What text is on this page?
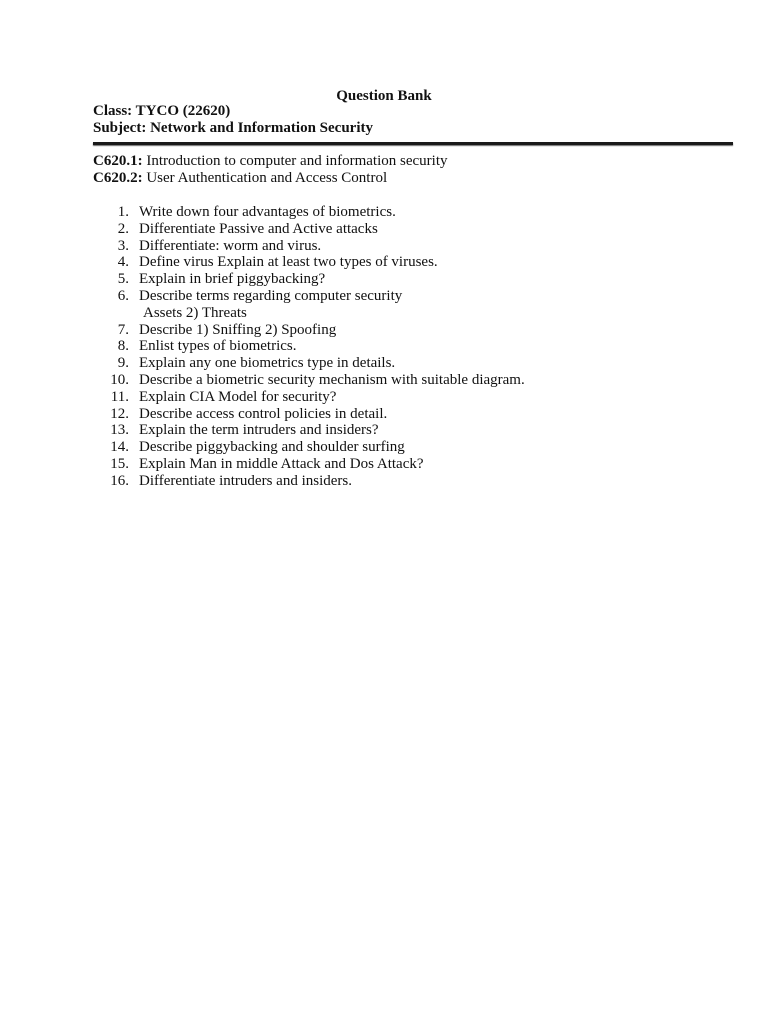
Question Bank
Class: TYCO (22620)
Subject: Network and Information Security
C620.1: Introduction to computer and information security
C620.2: User Authentication and Access Control
1. Write down four advantages of biometrics.
2. Differentiate Passive and Active attacks
3. Differentiate: worm and virus.
4. Define virus Explain at least two types of viruses.
5. Explain in brief piggybacking?
6. Describe terms regarding computer security
Assets 2) Threats
7. Describe 1) Sniffing 2) Spoofing
8. Enlist types of biometrics.
9. Explain any one biometrics type in details.
10. Describe a biometric security mechanism with suitable diagram.
11. Explain CIA Model for security?
12. Describe access control policies in detail.
13. Explain the term intruders and insiders?
14. Describe piggybacking and shoulder surfing
15. Explain Man in middle Attack and Dos Attack?
16. Differentiate intruders and insiders.
